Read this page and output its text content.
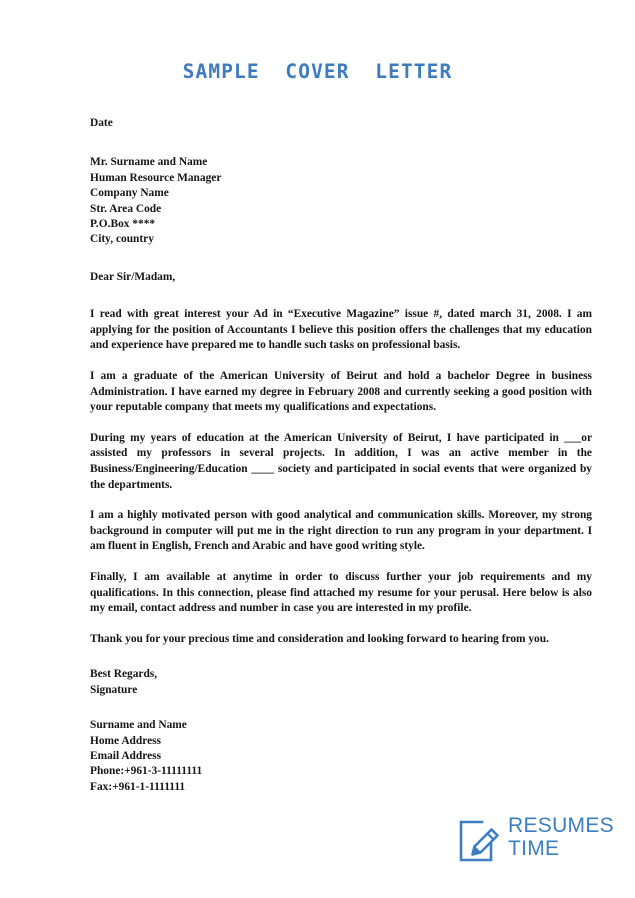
SAMPLE  COVER  LETTER
Date
Mr. Surname and Name
Human Resource Manager
Company Name
Str. Area Code
P.O.Box ****
City, country

Dear Sir/Madam,

I read with great interest your Ad in “Executive Magazine” issue #, dated march 31, 2008. I am applying for the position of Accountants I believe this position offers the challenges that my education and experience have prepared me to handle such tasks on professional basis.

I am a graduate of the American University of Beirut and hold a bachelor Degree in business Administration. I have earned my degree in February 2008 and currently seeking a good position with your reputable company that meets my qualifications and expectations.

During my years of education at the American University of Beirut, I have participated in ___or assisted my professors in several projects. In addition, I was an active member in the Business/Engineering/Education ____ society and participated in social events that were organized by the departments.

I am a highly motivated person with good analytical and communication skills. Moreover, my strong background in computer will put me in the right direction to run any program in your department. I am fluent in English, French and Arabic and have good writing style.

Finally, I am available at anytime in order to discuss further your job requirements and my qualifications. In this connection, please find attached my resume for your perusal. Here below is also my email, contact address and number in case you are interested in my profile.

Thank you for your precious time and consideration and looking forward to hearing from you.

Best Regards,
Signature
Surname and Name
Home Address
Email Address
Phone:+961-3-11111111
Fax:+961-1-1111111
RESUMES
TIME
